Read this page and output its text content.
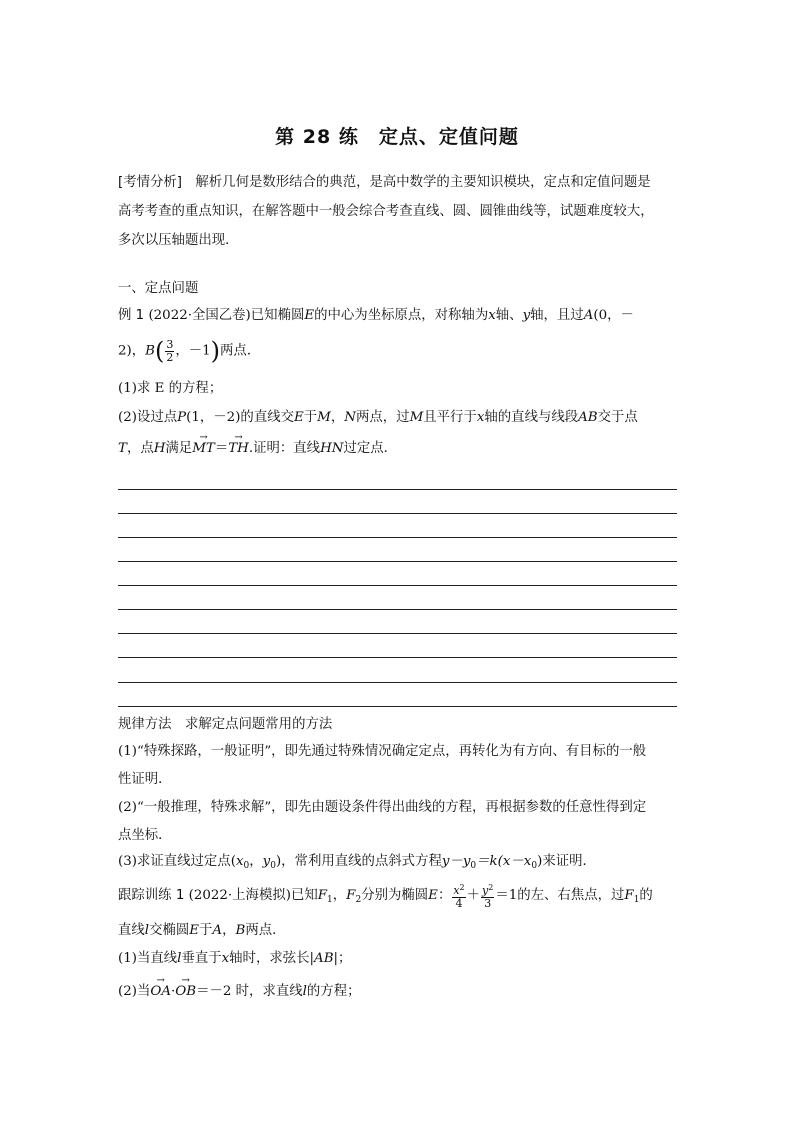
第 28 练　定点、定值问题
[考情分析]　解析几何是数形结合的典范，是高中数学的主要知识模块，定点和定值问题是
高考考查的重点知识，在解答题中一般会综合考查直线、圆、圆锥曲线等，试题难度较大，
多次以压轴题出现．
一、定点问题
例 1 (2022·全国乙卷)已知椭圆E的中心为坐标原点，对称轴为x轴、y轴，且过A(0，－
2)，$B( \frac{3}{2}$ ，－1)两点．
(1)求 E 的方程；
(2)设过点P(1，－2)的直线交E于M，N两点，过M且平行于x轴的直线与线段AB交于点
T，点H满足→ MT＝→ TH.证明：直线HN过定点．
规律方法　求解定点问题常用的方法
(1)“特殊探路，一般证明”，即先通过特殊情况确定定点，再转化为有方向、有目标的一般
性证明．
(2)“一般推理，特殊求解”，即先由题设条件得出曲线的方程，再根据参数的任意性得到定
点坐标．
(3)求证直线过定点($x_0$，$y_0$)，常利用直线的点斜式方程$y-y_0=k(x-x_0)$来证明．
跟踪训练 1 (2022·上海模拟)已知$F_1$，$F_2$分别为椭圆E： $\frac{x^2}{4} + \frac{y^2}{3} =1$的左、右焦点，过$F_1$的
直线l交椭圆E于A，B两点．
(1)当直线l垂直于x轴时，求弦长|AB|；
(2)当→ OA·→ OB＝－2 时，求直线l的方程；
